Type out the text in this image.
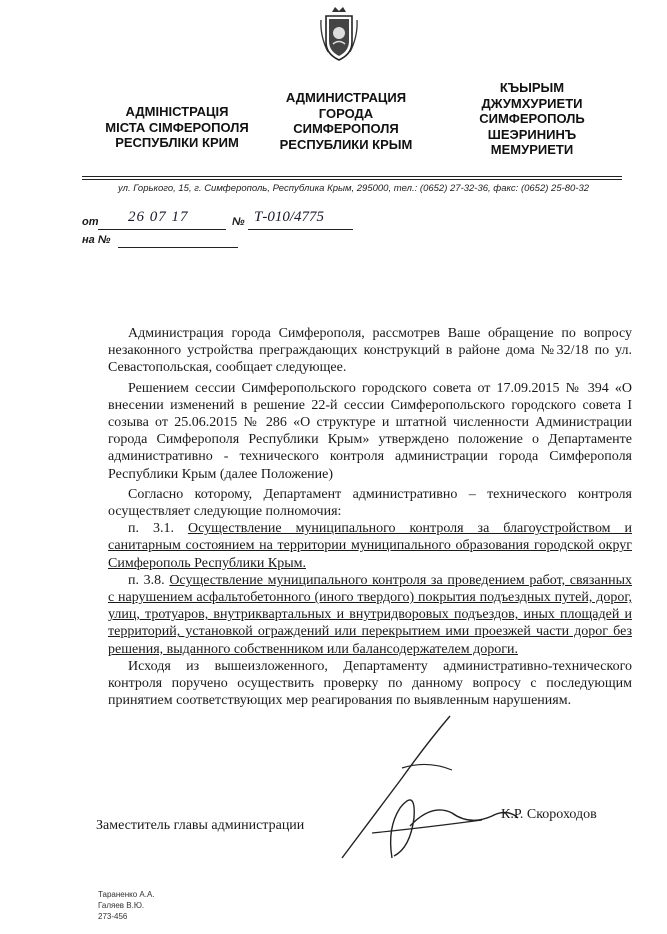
АДМІНІСТРАЦІЯ
МІСТА СІМФЕРОПОЛЯ
РЕСПУБЛІКИ КРИМ
АДМИНИСТРАЦИЯ
ГОРОДА
СИМФЕРОПОЛЯ
РЕСПУБЛИКИ КРЫМ
КЪЫРЫМ
ДЖУМХУРИЕТИ
СИМФЕРОПОЛЬ
ШЕЭРИНИНЪ
МЕМУРИЕТИ
ул. Горького, 15, г. Симферополь, Республика Крым, 295000, тел.: (0652) 27-32-36, факс: (0652) 25-80-32
от 26 07 17	№ Т-010/4775
на №

Администрация города Симферополя, рассмотрев Ваше обращение по вопросу незаконного устройства преграждающих конструкций в районе дома №32/18 по ул. Севастопольская, сообщает следующее.

Решением сессии Симферопольского городского совета от 17.09.2015 № 394 «О внесении изменений в решение 22-й сессии Симферопольского городского совета I созыва от 25.06.2015 № 286 «О структуре и штатной численности Администрации города Симферополя Республики Крым» утверждено положение о Департаменте административно - технического контроля администрации города Симферополя Республики Крым (далее Положение)

Согласно которому, Департамент административно – технического контроля осуществляет следующие полномочия:

п. 3.1. Осуществление муниципального контроля за благоустройством и санитарным состоянием на территории муниципального образования городской округ Симферополь Республики Крым.

п. 3.8. Осуществление муниципального контроля за проведением работ, связанных с нарушением асфальтобетонного (иного твердого) покрытия подъездных путей, дорог, улиц, тротуаров, внутриквартальных и внутридворовых подъездов, иных площадей и территорий, установкой ограждений или перекрытием ими проезжей части дорог без решения, выданного собственником или балансодержателем дороги.

Исходя из вышеизложенного, Департаменту административно-технического контроля поручено осуществить проверку по данному вопросу с последующим принятием соответствующих мер реагирования по выявленным нарушениям.

Заместитель главы администрации
К.Р. Скороходов
Тараненко А.А.
Галяев В.Ю.
273-456
